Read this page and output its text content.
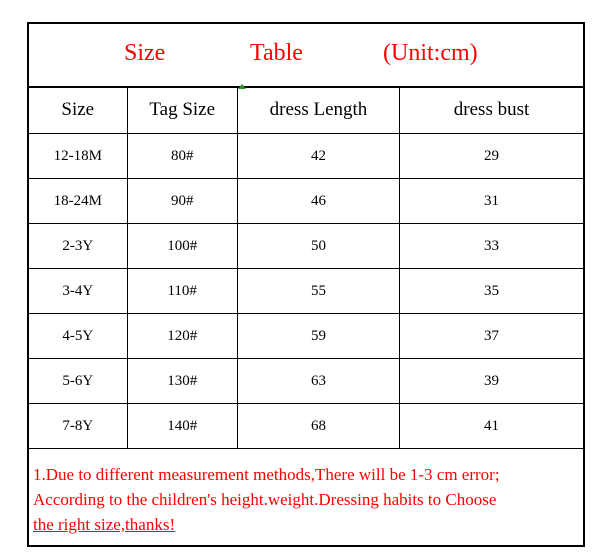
Size	Table	(Unit:cm)
Size	Tag Size	dress Length	dress bust
12-18M	80#	42	29
18-24M	90#	46	31
2-3Y	100#	50	33
3-4Y	110#	55	35
4-5Y	120#	59	37
5-6Y	130#	63	39
7-8Y	140#	68	41
1.Due to different measurement methods,There will be 1-3 cm error;
According to the children's height.weight.Dressing habits to Choose
the right size,thanks!
